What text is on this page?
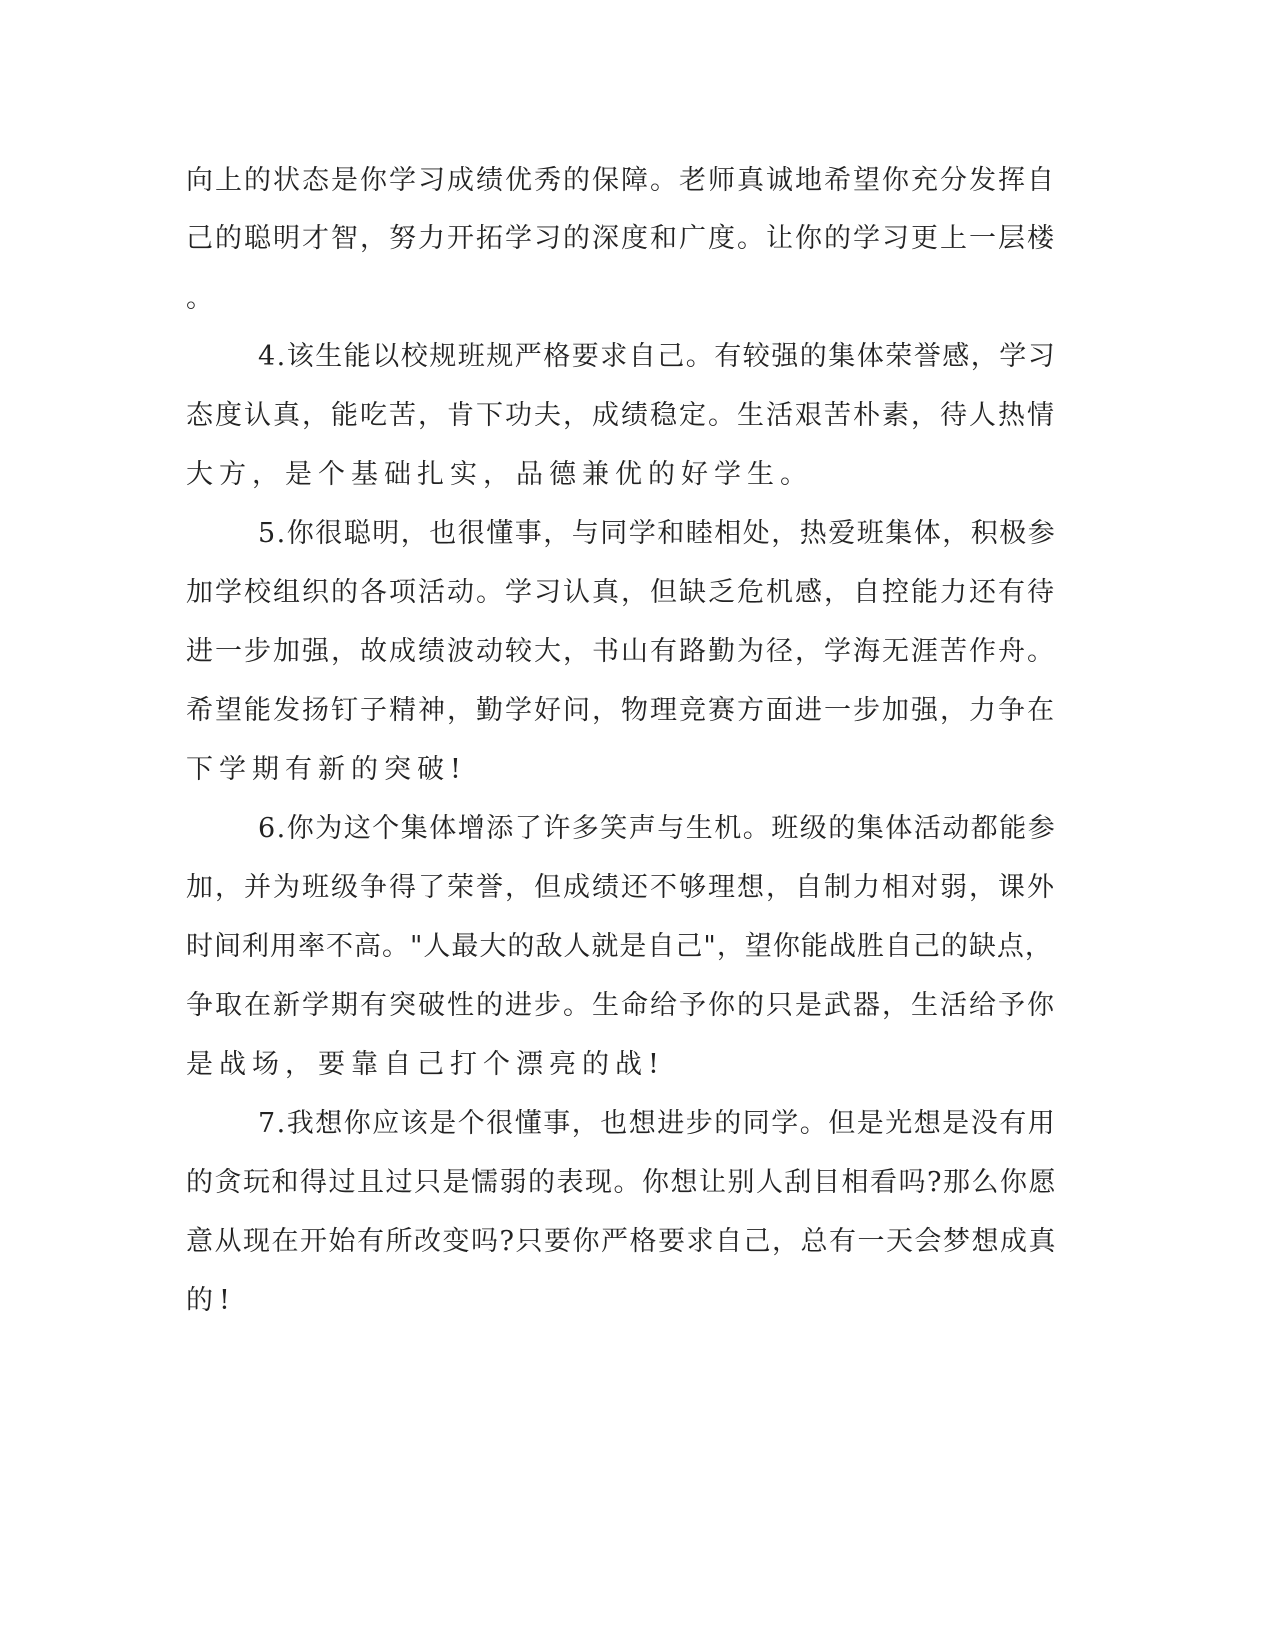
向上的状态是你学习成绩优秀的保障。老师真诚地希望你充分发挥自
己的聪明才智，努力开拓学习的深度和广度。让你的学习更上一层楼
。
4.该生能以校规班规严格要求自己。有较强的集体荣誉感，学习
态度认真，能吃苦，肯下功夫，成绩稳定。生活艰苦朴素，待人热情
大方，是个基础扎实，品德兼优的好学生。
5.你很聪明，也很懂事，与同学和睦相处，热爱班集体，积极参
加学校组织的各项活动。学习认真，但缺乏危机感，自控能力还有待
进一步加强，故成绩波动较大，书山有路勤为径，学海无涯苦作舟。
希望能发扬钉子精神，勤学好问，物理竞赛方面进一步加强，力争在
下学期有新的突破!
6.你为这个集体增添了许多笑声与生机。班级的集体活动都能参
加，并为班级争得了荣誉，但成绩还不够理想，自制力相对弱，课外
时间利用率不高。"人最大的敌人就是自己"，望你能战胜自己的缺点，
争取在新学期有突破性的进步。生命给予你的只是武器，生活给予你
是战场，要靠自己打个漂亮的战!
7.我想你应该是个很懂事，也想进步的同学。但是光想是没有用
的贪玩和得过且过只是懦弱的表现。你想让别人刮目相看吗?那么你愿
意从现在开始有所改变吗?只要你严格要求自己，总有一天会梦想成真
的!
